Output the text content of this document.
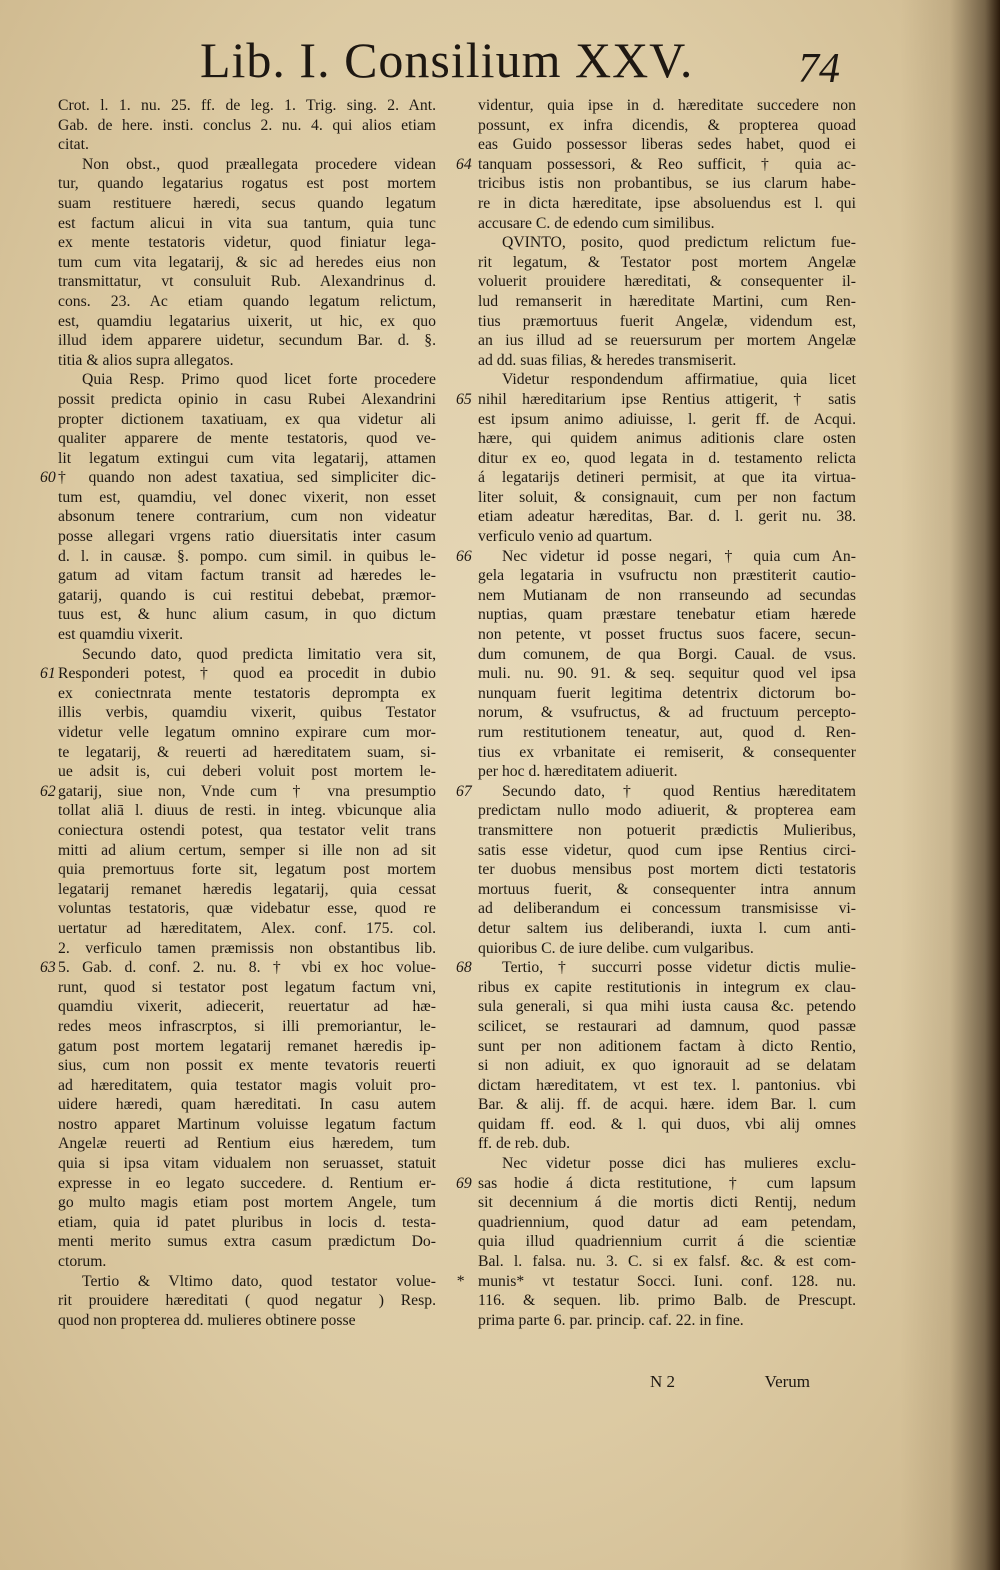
Lib. I. Consilium XXV.	74
Crot. l. 1. nu. 25. ff. de leg. 1. Trig. sing. 2. Ant.
Gab. de here. insti. conclus 2. nu. 4. qui alios etiam
citat.
Non obst., quod præallegata procedere videan
tur, quando legatarius rogatus est post mortem
suam restituere hæredi, secus quando legatum
est factum alicui in vita sua tantum, quia tunc
ex mente testatoris videtur, quod finiatur lega-
tum cum vita legatarij, & sic ad heredes eius non
transmittatur, vt consuluit Rub. Alexandrinus d.
cons. 23. Ac etiam quando legatum relictum,
est, quamdiu legatarius uixerit, ut hic, ex quo
illud idem apparere uidetur, secundum Bar. d. §.
titia & alios supra allegatos.
Quia Resp. Primo quod licet forte procedere
possit predicta opinio in casu Rubei Alexandrini
propter dictionem taxatiuam, ex qua videtur ali
qualiter apparere de mente testatoris, quod ve-
lit legatum extingui cum vita legatarij, attamen
† quando non adest taxatiua, sed simpliciter dic-
tum est, quamdiu, vel donec vixerit, non esset
absonum tenere contrarium, cum non videatur
posse allegari vrgens ratio diuersitatis inter casum
d. l. in causæ. §. pompo. cum simil. in quibus le-
gatum ad vitam factum transit ad hæredes le-
gatarij, quando is cui restitui debebat, præmor-
tuus est, & hunc alium casum, in quo dictum
est quamdiu vixerit.
Secundo dato, quod predicta limitatio vera sit,
Responderi potest, † quod ea procedit in dubio
ex coniectnrata mente testatoris deprompta ex
illis verbis, quamdiu vixerit, quibus Testator
videtur velle legatum omnino expirare cum mor-
te legatarij, & reuerti ad hæreditatem suam, si-
ue adsit is, cui deberi voluit post mortem le-
gatarij, siue non, Vnde cum † vna presumptio
tollat aliā l. diuus de resti. in integ. vbicunque alia
coniectura ostendi potest, qua testator velit trans
mitti ad alium certum, semper si ille non ad sit
quia premortuus forte sit, legatum post mortem
legatarij remanet hæredis legatarij, quia cessat
voluntas testatoris, quæ videbatur esse, quod re
uertatur ad hæreditatem, Alex. conf. 175. col.
2. verficulo tamen præmissis non obstantibus lib.
5. Gab. d. conf. 2. nu. 8. † vbi ex hoc volue-
runt, quod si testator post legatum factum vni,
quamdiu vixerit, adiecerit, reuertatur ad hæ-
redes meos infrascrptos, si illi premoriantur, le-
gatum post mortem legatarij remanet hæredis ip-
sius, cum non possit ex mente tevatoris reuerti
ad hæreditatem, quia testator magis voluit pro-
uidere hæredi, quam hæreditati. In casu autem
nostro apparet Martinum voluisse legatum factum
Angelæ reuerti ad Rentium eius hæredem, tum
quia si ipsa vitam vidualem non seruasset, statuit
expresse in eo legato succedere. d. Rentium er-
go multo magis etiam post mortem Angele, tum
etiam, quia id patet pluribus in locis d. testa-
menti merito sumus extra casum prædictum Do-
ctorum.
Tertio & Vltimo dato, quod testator volue-
rit prouidere hæreditati ( quod negatur ) Resp.
quod non propterea dd. mulieres obtinere posse
videntur, quia ipse in d. hæreditate succedere non
possunt, ex infra dicendis, & propterea quoad
eas Guido possessor liberas sedes habet, quod ei
tanquam possessori, & Reo sufficit, † quia ac-
tricibus istis non probantibus, se ius clarum habe-
re in dicta hæreditate, ipse absoluendus est l. qui
accusare C. de edendo cum similibus.
QVINTO, posito, quod predictum relictum fue-
rit legatum, & Testator post mortem Angelæ
voluerit prouidere hæreditati, & consequenter il-
lud remanserit in hæreditate Martini, cum Ren-
tius præmortuus fuerit Angelæ, videndum est,
an ius illud ad se reuersurum per mortem Angelæ
ad dd. suas filias, & heredes transmiserit.
Videtur respondendum affirmatiue, quia licet
nihil hæreditarium ipse Rentius attigerit, † satis
est ipsum animo adiuisse, l. gerit ff. de Acqui.
hære, qui quidem animus aditionis clare osten
ditur ex eo, quod legata in d. testamento relicta
á legatarijs detineri permisit, at que ita virtua-
liter soluit, & consignauit, cum per non factum
etiam adeatur hæreditas, Bar. d. l. gerit nu. 38.
verficulo venio ad quartum.
Nec videtur id posse negari, † quia cum An-
gela legataria in vsufructu non præstiterit cautio-
nem Mutianam de non rranseundo ad secundas
nuptias, quam præstare tenebatur etiam hærede
non petente, vt posset fructus suos facere, secun-
dum comunem, de qua Borgi. Caual. de vsus.
muli. nu. 90. 91. & seq. sequitur quod vel ipsa
nunquam fuerit legitima detentrix dictorum bo-
norum, & vsufructus, & ad fructuum percepto-
rum restitutionem teneatur, aut, quod d. Ren-
tius ex vrbanitate ei remiserit, & consequenter
per hoc d. hæreditatem adiuerit.
Secundo dato, † quod Rentius hæreditatem
predictam nullo modo adiuerit, & propterea eam
transmittere non potuerit prædictis Mulieribus,
satis esse videtur, quod cum ipse Rentius circi-
ter duobus mensibus post mortem dicti testatoris
mortuus fuerit, & consequenter intra annum
ad deliberandum ei concessum transmisisse vi-
detur saltem ius deliberandi, iuxta l. cum anti-
quioribus C. de iure delibe. cum vulgaribus.
Tertio, † succurri posse videtur dictis mulie-
ribus ex capite restitutionis in integrum ex clau-
sula generali, si qua mihi iusta causa &c. petendo
scilicet, se restaurari ad damnum, quod passæ
sunt per non aditionem factam à dicto Rentio,
si non adiuit, ex quo ignorauit ad se delatam
dictam hæreditatem, vt est tex. l. pantonius. vbi
Bar. & alij. ff. de acqui. hære. idem Bar. l. cum
quidam ff. eod. & l. qui duos, vbi alij omnes
ff. de reb. dub.
Nec videtur posse dici has mulieres exclu-
sas hodie á dicta restitutione, † cum lapsum
sit decennium á die mortis dicti Rentij, nedum
quadriennium, quod datur ad eam petendam,
quia illud quadriennium currit á die scientiæ
Bal. l. falsa. nu. 3. C. si ex falsf. &c. & est com-
munis* vt testatur Socci. Iuni. conf. 128. nu.
116. & sequen. lib. primo Balb. de Prescupt.
prima parte 6. par. princip. caf. 22. in fine.
N 2	Verum
60
61
62
63
64
65
66
67
68
69
*
